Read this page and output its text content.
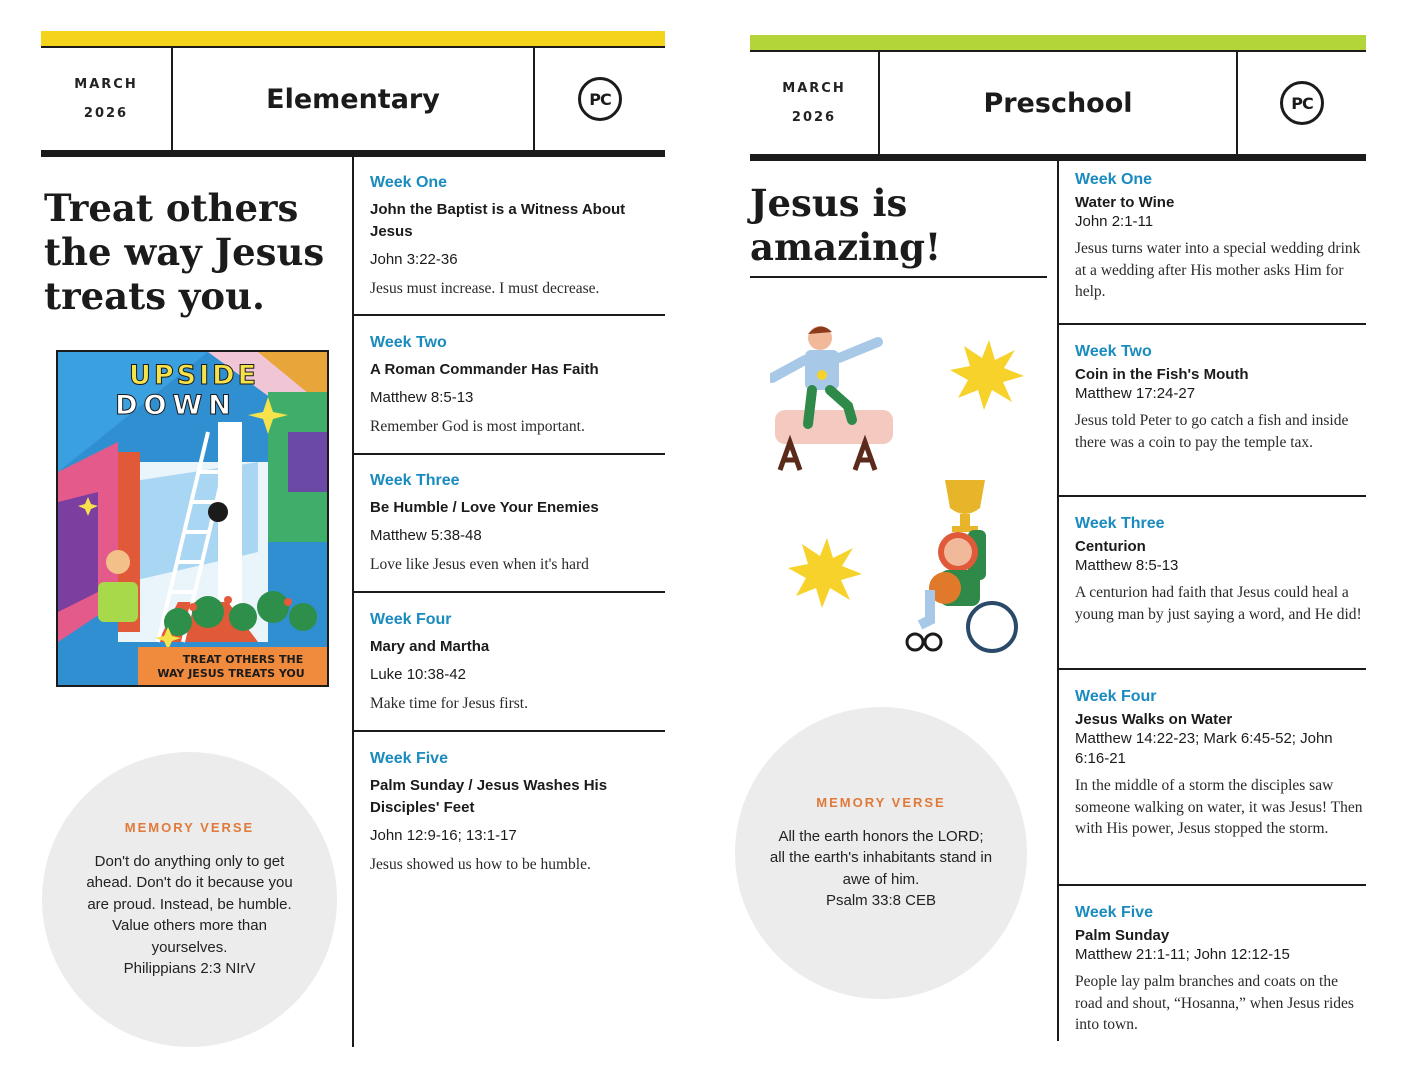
MARCH
2026	Elementary	PC
Treat others the way Jesus treats you.
UPSIDE
DOWN
TREAT OTHERS THE
WAY JESUS TREATS YOU
MEMORY VERSE
Don't do anything only to get ahead. Don't do it because you are proud. Instead, be humble. Value others more than yourselves.
Philippians 2:3 NIrV
Week One
John the Baptist is a Witness About Jesus
John 3:22-36
Jesus must increase. I must decrease.
Week Two
A Roman Commander Has Faith
Matthew 8:5-13
Remember God is most important.
Week Three
Be Humble / Love Your Enemies
Matthew 5:38-48
Love like Jesus even when it's hard
Week Four
Mary and Martha
Luke 10:38-42
Make time for Jesus first.
Week Five
Palm Sunday / Jesus Washes His Disciples' Feet
John 12:9-16; 13:1-17
Jesus showed us how to be humble.
MARCH
2026	Preschool	PC
Jesus is amazing!
MEMORY VERSE
All the earth honors the LORD; all the earth's inhabitants stand in awe of him.
Psalm 33:8 CEB
Week One
Water to Wine
John 2:1-11
Jesus turns water into a special wedding drink at a wedding after His mother asks Him for help.
Week Two
Coin in the Fish's Mouth
Matthew 17:24-27
Jesus told Peter to go catch a fish and inside there was a coin to pay the temple tax.
Week Three
Centurion
Matthew 8:5-13
A centurion had faith that Jesus could heal a young man by just saying a word, and He did!
Week Four
Jesus Walks on Water
Matthew 14:22-23; Mark 6:45-52; John 6:16-21
In the middle of a storm the disciples saw someone walking on water, it was Jesus! Then with His power, Jesus stopped the storm.
Week Five
Palm Sunday
Matthew 21:1-11; John 12:12-15
People lay palm branches and coats on the road and shout, “Hosanna,” when Jesus rides into town.
